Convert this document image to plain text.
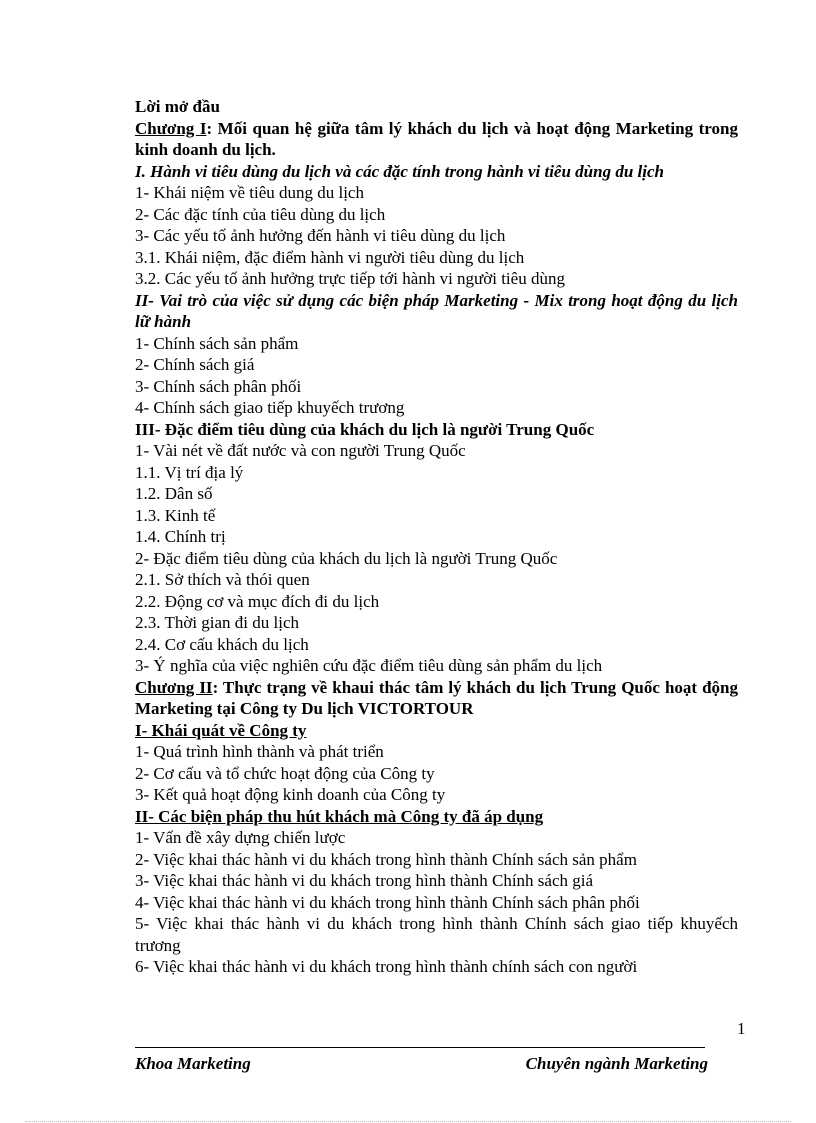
Lời mở đầu
Chương I: Mối quan hệ giữa tâm lý khách du lịch và hoạt động Marketing trong kinh doanh du lịch.
I. Hành vi tiêu dùng du lịch và các đặc tính trong hành vi tiêu dùng du lịch
1- Khái niệm về tiêu dung du lịch
2- Các đặc tính của tiêu dùng du lịch
3- Các yếu tố ảnh hưởng đến hành vi tiêu dùng du lịch
3.1. Khái niệm, đặc điểm hành vi người tiêu dùng du lịch
3.2. Các yếu tố ảnh hưởng trực tiếp tới hành vi người tiêu dùng
II- Vai trò của việc sử dụng các biện pháp Marketing - Mix trong hoạt động du lịch lữ hành
1- Chính sách sản phẩm
2- Chính sách giá
3- Chính sách phân phối
4- Chính sách giao tiếp khuyếch trương
III- Đặc điểm tiêu dùng của khách du lịch là người Trung Quốc
1- Vài nét về đất nước và con người Trung Quốc
1.1. Vị trí địa lý
1.2. Dân số
1.3. Kinh tế
1.4. Chính trị
2- Đặc điểm tiêu dùng của khách du lịch là người Trung Quốc
2.1. Sở thích và thói quen
2.2. Động cơ và mục đích đi du lịch
2.3. Thời gian đi du lịch
2.4. Cơ cấu khách du lịch
3- Ý nghĩa của việc nghiên cứu đặc điểm tiêu dùng sản phẩm du lịch
Chương II: Thực trạng về khaui thác tâm lý khách du lịch Trung Quốc hoạt động Marketing tại Công ty Du lịch VICTORTOUR
I- Khái quát về Công ty
1- Quá trình hình thành và phát triển
2- Cơ cấu và tổ chức hoạt động của Công ty
3- Kết quả hoạt động kinh doanh của Công ty
II- Các biện pháp thu hút khách mà Công ty đã áp dụng
1- Vấn đề xây dựng chiến lược
2- Việc khai thác hành vi du khách trong hình thành Chính sách sản phẩm
3- Việc khai thác hành vi du khách trong hình thành Chính sách giá
4- Việc khai thác hành vi du khách trong hình thành Chính sách phân phối
5- Việc khai thác hành vi du khách trong hình thành Chính sách giao tiếp khuyếch trương
6- Việc khai thác hành vi du khách trong hình thành chính sách con người
1
Khoa Marketing	Chuyên ngành Marketing
